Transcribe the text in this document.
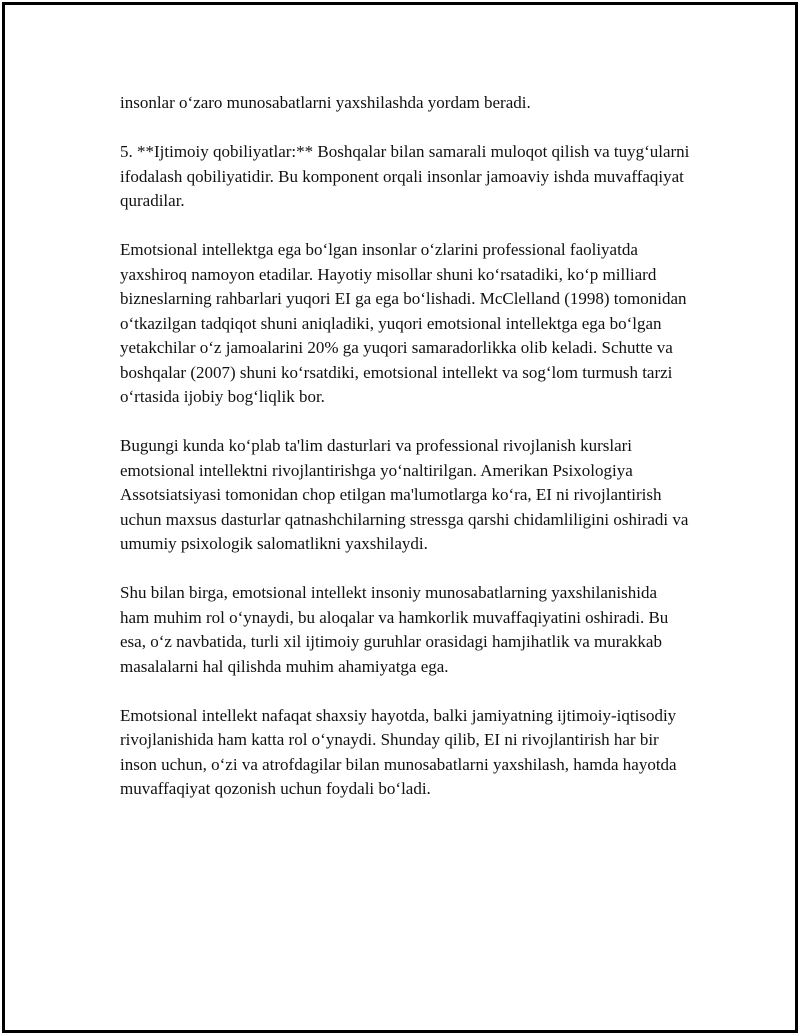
insonlar o‘zaro munosabatlarni yaxshilashda yordam beradi.

5. **Ijtimoiy qobiliyatlar:** Boshqalar bilan samarali muloqot qilish va tuyg‘ularni ifodalash qobiliyatidir. Bu komponent orqali insonlar jamoaviy ishda muvaffaqiyat quradilar.

Emotsional intellektga ega bo‘lgan insonlar o‘zlarini professional faoliyatda yaxshiroq namoyon etadilar. Hayotiy misollar shuni ko‘rsatadiki, ko‘p milliard bizneslarning rahbarlari yuqori EI ga ega bo‘lishadi. McClelland (1998) tomonidan o‘tkazilgan tadqiqot shuni aniqladiki, yuqori emotsional intellektga ega bo‘lgan yetakchilar o‘z jamoalarini 20% ga yuqori samaradorlikka olib keladi. Schutte va boshqalar (2007) shuni ko‘rsatdiki, emotsional intellekt va sog‘lom turmush tarzi o‘rtasida ijobiy bog‘liqlik bor.

Bugungi kunda ko‘plab ta'lim dasturlari va professional rivojlanish kurslari emotsional intellektni rivojlantirishga yo‘naltirilgan. Amerikan Psixologiya Assotsiatsiyasi tomonidan chop etilgan ma'lumotlarga ko‘ra, EI ni rivojlantirish uchun maxsus dasturlar qatnashchilarning stressga qarshi chidamliligini oshiradi va umumiy psixologik salomatlikni yaxshilaydi.

Shu bilan birga, emotsional intellekt insoniy munosabatlarning yaxshilanishida ham muhim rol o‘ynaydi, bu aloqalar va hamkorlik muvaffaqiyatini oshiradi. Bu esa, o‘z navbatida, turli xil ijtimoiy guruhlar orasidagi hamjihatlik va murakkab masalalarni hal qilishda muhim ahamiyatga ega.

Emotsional intellekt nafaqat shaxsiy hayotda, balki jamiyatning ijtimoiy-iqtisodiy rivojlanishida ham katta rol o‘ynaydi. Shunday qilib, EI ni rivojlantirish har bir inson uchun, o‘zi va atrofdagilar bilan munosabatlarni yaxshilash, hamda hayotda muvaffaqiyat qozonish uchun foydali bo‘ladi.
